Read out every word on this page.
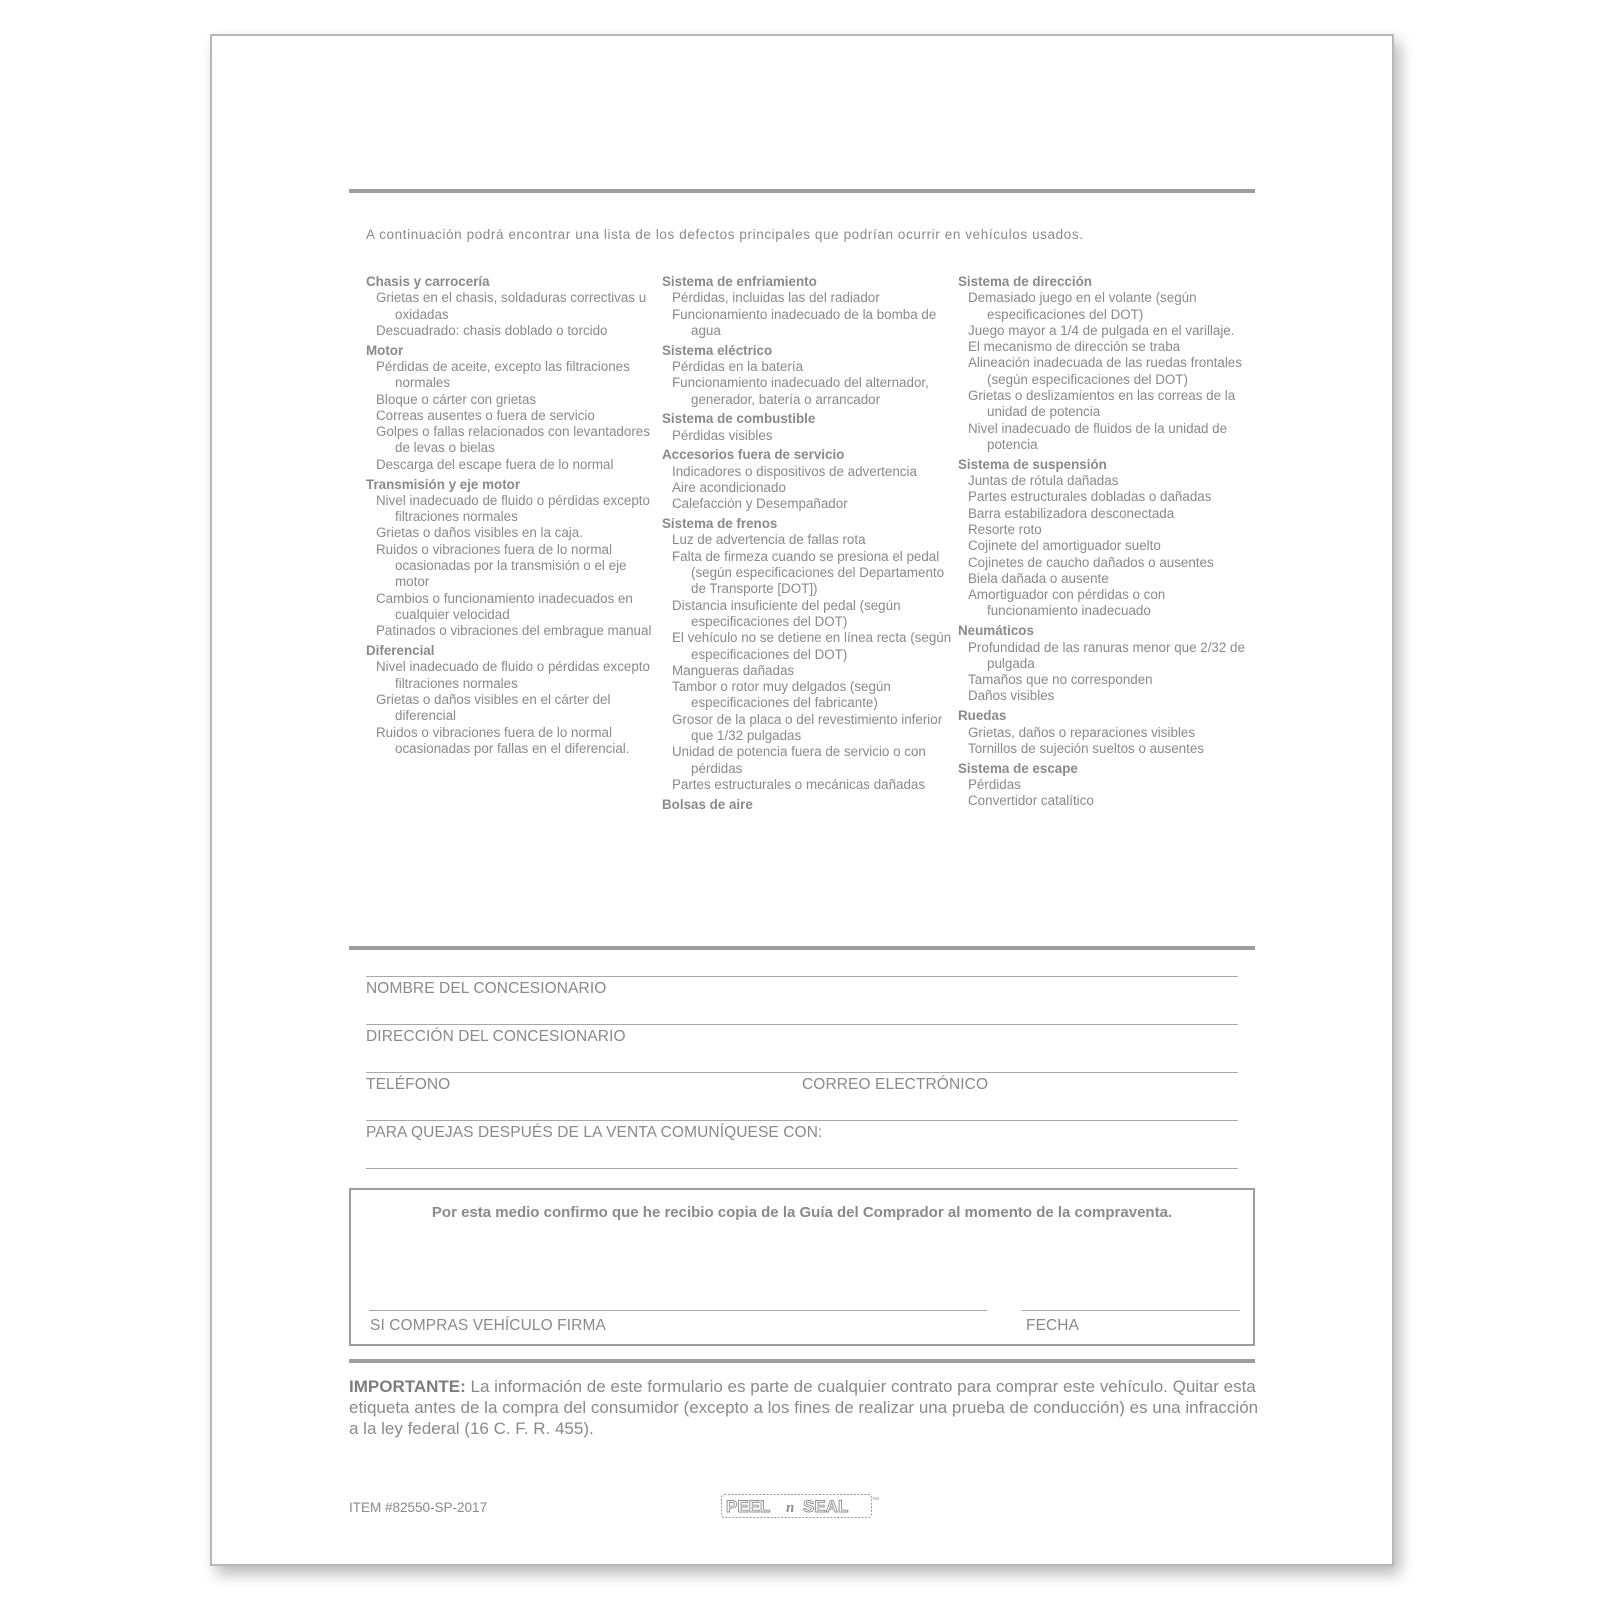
A continuación podrá encontrar una lista de los defectos principales que podrían ocurrir en vehículos usados.
Chasis y carrocería
Grietas en el chasis, soldaduras correctivas u oxidadas
Descuadrado: chasis doblado o torcido
Motor
Pérdidas de aceite, excepto las filtraciones normales
Bloque o cárter con grietas
Correas ausentes o fuera de servicio
Golpes o fallas relacionados con levantadores de levas o bielas
Descarga del escape fuera de lo normal
Transmisión y eje motor
Nivel inadecuado de fluido o pérdidas excepto filtraciones normales
Grietas o daños visibles en la caja.
Ruidos o vibraciones fuera de lo normal ocasionadas por la transmisión o el eje motor
Cambios o funcionamiento inadecuados en cualquier velocidad
Patinados o vibraciones del embrague manual
Diferencial
Nivel inadecuado de fluido o pérdidas excepto filtraciones normales
Grietas o daños visibles en el cárter del diferencial
Ruidos o vibraciones fuera de lo normal ocasionadas por fallas en el diferencial.
Sistema de enfriamiento
Pérdidas, incluidas las del radiador
Funcionamiento inadecuado de la bomba de agua
Sistema eléctrico
Pérdidas en la batería
Funcionamiento inadecuado del alternador, generador, batería o arrancador
Sistema de combustible
Pérdidas visibles
Accesorios fuera de servicio
Indicadores o dispositivos de advertencia
Aire acondicionado
Calefacción y Desempañador
Sistema de frenos
Luz de advertencia de fallas rota
Falta de firmeza cuando se presiona el pedal (según especificaciones del Departamento de Transporte [DOT])
Distancia insuficiente del pedal (según especificaciones del DOT)
El vehículo no se detiene en línea recta (según especificaciones del DOT)
Mangueras dañadas
Tambor o rotor muy delgados (según especificaciones del fabricante)
Grosor de la placa o del revestimiento inferior que 1/32 pulgadas
Unidad de potencia fuera de servicio o con pérdidas
Partes estructurales o mecánicas dañadas
Bolsas de aire
Sistema de dirección
Demasiado juego en el volante (según especificaciones del DOT)
Juego mayor a 1/4 de pulgada en el varillaje.
El mecanismo de dirección se traba
Alineación inadecuada de las ruedas frontales (según especificaciones del DOT)
Grietas o deslizamientos en las correas de la unidad de potencia
Nivel inadecuado de fluidos de la unidad de potencia
Sistema de suspensión
Juntas de rótula dañadas
Partes estructurales dobladas o dañadas
Barra estabilizadora desconectada
Resorte roto
Cojinete del amortiguador suelto
Cojinetes de caucho dañados o ausentes
Biela dañada o ausente
Amortiguador con pérdidas o con funcionamiento inadecuado
Neumáticos
Profundidad de las ranuras menor que 2/32 de pulgada
Tamaños que no corresponden
Daños visibles
Ruedas
Grietas, daños o reparaciones visibles
Tornillos de sujeción sueltos o ausentes
Sistema de escape
Pérdidas
Convertidor catalítico
NOMBRE DEL CONCESIONARIO
DIRECCIÓN DEL CONCESIONARIO
TELÉFONO	CORREO ELECTRÓNICO
PARA QUEJAS DESPUÉS DE LA VENTA COMUNÍQUESE CON:
Por esta medio confirmo que he recibio copia de la Guía del Comprador al momento de la compraventa.
SI COMPRAS VEHÍCULO FIRMA	FECHA
IMPORTANTE: La información de este formulario es parte de cualquier contrato para comprar este vehículo. Quitar esta etiqueta antes de la compra del consumidor (excepto a los fines de realizar una prueba de conducción) es una infracción a la ley federal (16 C. F. R. 455).
ITEM #82550-SP-2017	PEEL n SEAL	™
